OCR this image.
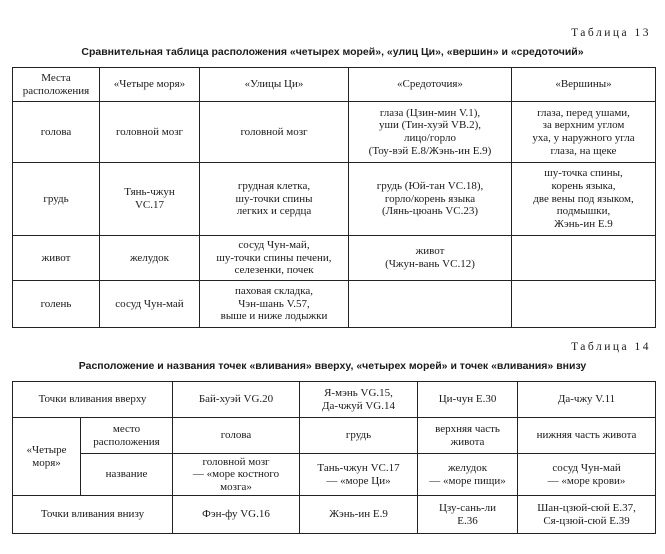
Таблица 13
Сравнительная таблица расположения «четырех морей», «улиц Ци», «вершин» и «средоточий»
Места
расположения	«Четыре моря»	«Улицы Ци»	«Средоточия»	«Вершины»

голова	головной мозг	головной мозг	глаза (Цзин-мин V.1),
уши (Тин-хуэй VB.2),
лицо/горло
(Тоу-вэй Е.8/Жэнь-ин Е.9)	глаза, перед ушами,
за верхним углом
уха, у наружного угла
глаза, на щеке

грудь	Тянь-чжун
VC.17	грудная клетка,
шу-точки спины
легких и сердца	грудь (Юй-тан VC.18),
горло/корень языка
(Лянь-цюань VC.23)	шу-точка спины,
корень языка,
две вены под языком,
подмышки,
Жэнь-ин Е.9

живот	желудок	сосуд Чун-май,
шу-точки спины печени,
селезенки, почек	живот
(Чжун-вань VC.12)	

голень	сосуд Чун-май	паховая складка,
Чэн-шань V.57,
выше и ниже лодыжки		

Таблица 14
Расположение и названия точек «вливания» вверху, «четырех морей» и точек «вливания» внизу
Точки вливания вверху		Бай-хуэй VG.20	Я-мэнь VG.15,
Да-чжуй VG.14	Ци-чун Е.30	Да-чжу V.11

«Четыре
моря»	место
расположения	голова	грудь	верхняя часть
живота	нижняя часть живота

	название	головной мозг
— «море костного
мозга»	Тань-чжун VC.17
— «море Ци»	желудок
— «море пищи»	сосуд Чун-май
— «море крови»

Точки вливания внизу		Фэн-фу VG.16	Жэнь-ин Е.9	Цзу-сань-ли
Е.36	Шан-цзюй-сюй Е.37,
Ся-цзюй-сюй Е.39
